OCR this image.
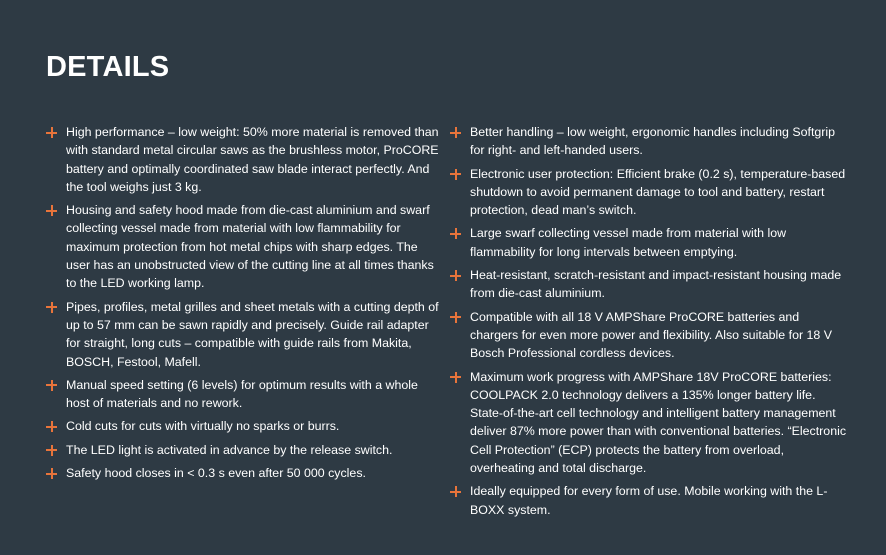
DETAILS
High performance – low weight: 50% more material is removed than with standard metal circular saws as the brushless motor, ProCORE battery and optimally coordinated saw blade interact perfectly. And the tool weighs just 3 kg.
Housing and safety hood made from die-cast aluminium and swarf collecting vessel made from material with low flammability for maximum protection from hot metal chips with sharp edges. The user has an unobstructed view of the cutting line at all times thanks to the LED working lamp.
Pipes, profiles, metal grilles and sheet metals with a cutting depth of up to 57 mm can be sawn rapidly and precisely. Guide rail adapter for straight, long cuts – compatible with guide rails from Makita, BOSCH, Festool, Mafell.
Manual speed setting (6 levels) for optimum results with a whole host of materials and no rework.
Cold cuts for cuts with virtually no sparks or burrs.
The LED light is activated in advance by the release switch.
Safety hood closes in < 0.3 s even after 50 000 cycles.
Better handling – low weight, ergonomic handles including Softgrip for right- and left-handed users.
Electronic user protection: Efficient brake (0.2 s), temperature-based shutdown to avoid permanent damage to tool and battery, restart protection, dead man’s switch.
Large swarf collecting vessel made from material with low flammability for long intervals between emptying.
Heat-resistant, scratch-resistant and impact-resistant housing made from die-cast aluminium.
Compatible with all 18 V AMPShare ProCORE batteries and chargers for even more power and flexibility. Also suitable for 18 V Bosch Professional cordless devices.
Maximum work progress with AMPShare 18V ProCORE batteries: COOLPACK 2.0 technology delivers a 135% longer battery life. State-of-the-art cell technology and intelligent battery management deliver 87% more power than with conventional batteries. “Electronic Cell Protection” (ECP) protects the battery from overload, overheating and total discharge.
Ideally equipped for every form of use. Mobile working with the L-BOXX system.
